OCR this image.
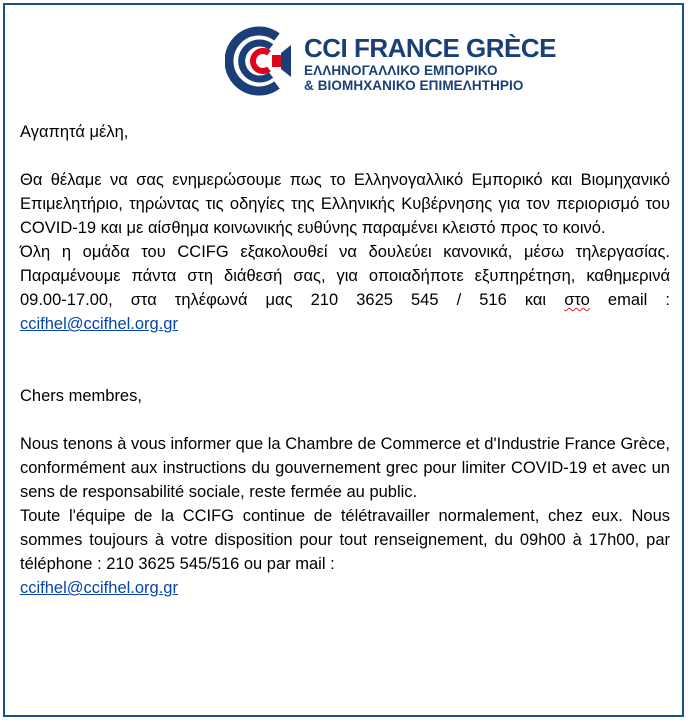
CCI FRANCE GRÈCE
ΕΛΛΗΝΟΓΑΛΛΙΚΟ ΕΜΠΟΡΙΚΟ
& ΒΙΟΜΗΧΑΝΙΚΟ ΕΠΙΜΕΛΗΤΗΡΙΟ

Αγαπητά μέλη,

Θα θέλαμε να σας ενημερώσουμε πως το Ελληνογαλλικό Εμπορικό και Βιομηχανικό Επιμελητήριο, τηρώντας τις οδηγίες της Ελληνικής Κυβέρνησης για τον περιορισμό του COVID-19 και με αίσθημα κοινωνικής ευθύνης παραμένει κλειστό προς το κοινό.

Όλη η ομάδα του CCIFG εξακολουθεί να δουλεύει κανονικά, μέσω τηλεργασίας. Παραμένουμε πάντα στη διάθεσή σας, για οποιαδήποτε εξυπηρέτηση, καθημερινά 09.00-17.00, στα τηλέφωνά μας 210 3625 545 / 516 και στο email : ccifhel@ccifhel.org.gr

Chers membres,

Nous tenons à vous informer que la Chambre de Commerce et d'Industrie France Grèce, conformément aux instructions du gouvernement grec pour limiter COVID-19 et avec un sens de responsabilité sociale, reste fermée au public.

Toute l'équipe de la CCIFG continue de télétravailler normalement, chez eux. Nous sommes toujours à votre disposition pour tout renseignement, du 09h00 à 17h00, par téléphone : 210 3625 545/516 ou par mail :

ccifhel@ccifhel.org.gr
